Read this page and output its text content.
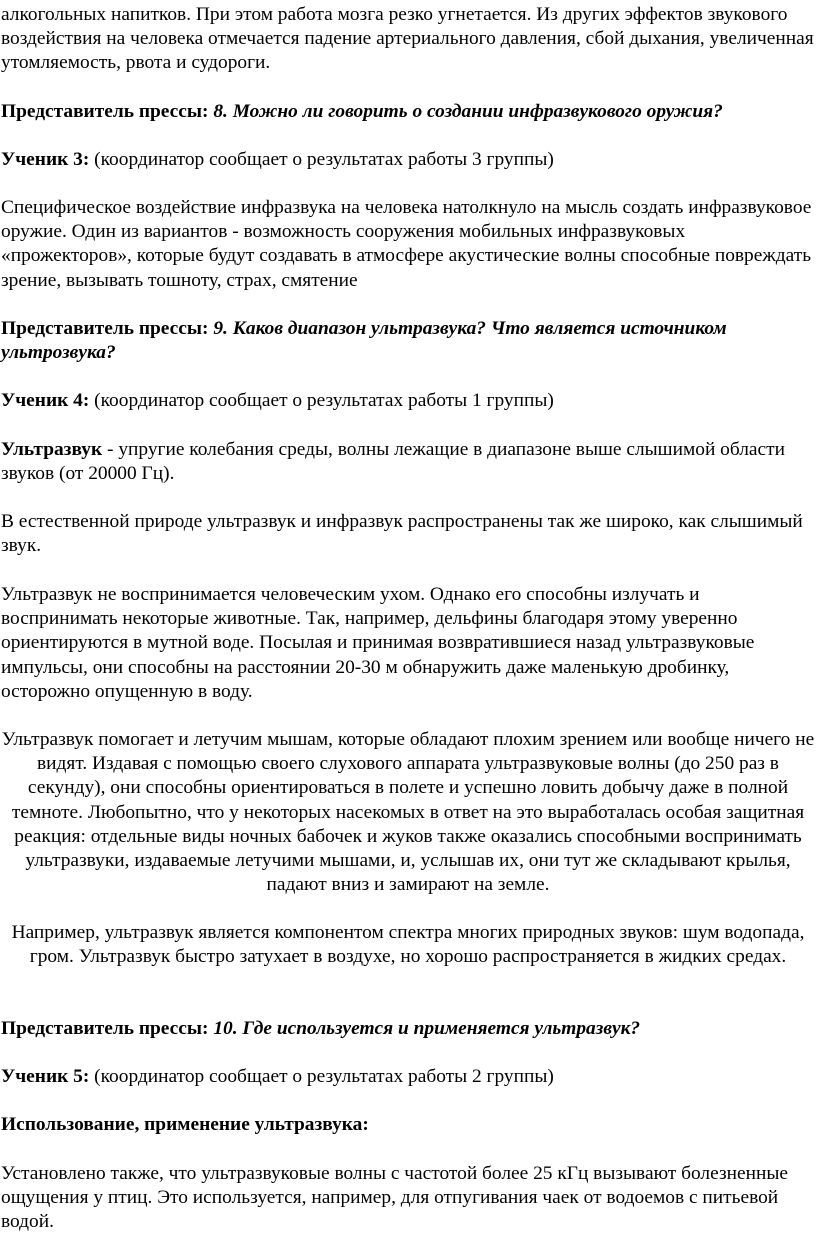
алкогольных напитков. При этом работа мозга резко угнетается. Из других эффектов звукового воздействия на человека отмечается падение артериального давления, сбой дыхания, увеличенная утомляемость, рвота и судороги.

Представитель прессы: 8. Можно ли говорить о создании инфразвукового оружия?

Ученик 3: (координатор сообщает о результатах работы 3 группы)

Специфическое воздействие инфразвука на человека натолкнуло на мысль создать инфразвуковое оружие. Один из вариантов - возможность сооружения мобильных инфразвуковых «прожекторов», которые будут создавать в атмосфере акустические волны способные повреждать зрение, вызывать тошноту, страх, смятение

Представитель прессы: 9. Каков диапазон ультразвука? Что является источником ультрозвука?

Ученик 4: (координатор сообщает о результатах работы 1 группы)

Ультразвук - упругие колебания среды, волны лежащие в диапазоне выше слышимой области звуков (от 20000 Гц).

В естественной природе ультразвук и инфразвук распространены так же широко, как слышимый звук.

Ультразвук не воспринимается человеческим ухом. Однако его способны излучать и воспринимать некоторые животные. Так, например, дельфины благодаря этому уверенно ориентируются в мутной воде. Посылая и принимая возвратившиеся назад ультразвуковые импульсы, они способны на расстоянии 20-30 м обнаружить даже маленькую дробинку, осторожно опущенную в воду.

Ультразвук помогает и летучим мышам, которые обладают плохим зрением или вообще ничего не видят. Издавая с помощью своего слухового аппарата ультразвуковые волны (до 250 раз в секунду), они способны ориентироваться в полете и успешно ловить добычу даже в полной темноте. Любопытно, что у некоторых насекомых в ответ на это выработалась особая защитная реакция: отдельные виды ночных бабочек и жуков также оказались способными воспринимать ультразвуки, издаваемые летучими мышами, и, услышав их, они тут же складывают крылья, падают вниз и замирают на земле.

Например, ультразвук является компонентом спектра многих природных звуков: шум водопада, гром. Ультразвук быстро затухает в воздухе, но хорошо распространяется в жидких средах.

Представитель прессы: 10. Где используется и применяется ультразвук?

Ученик 5: (координатор сообщает о результатах работы 2 группы)

Использование, применение ультразвука:

Установлено также, что ультразвуковые волны с частотой более 25 кГц вызывают болезненные ощущения у птиц. Это используется, например, для отпугивания чаек от водоемов с питьевой водой.
